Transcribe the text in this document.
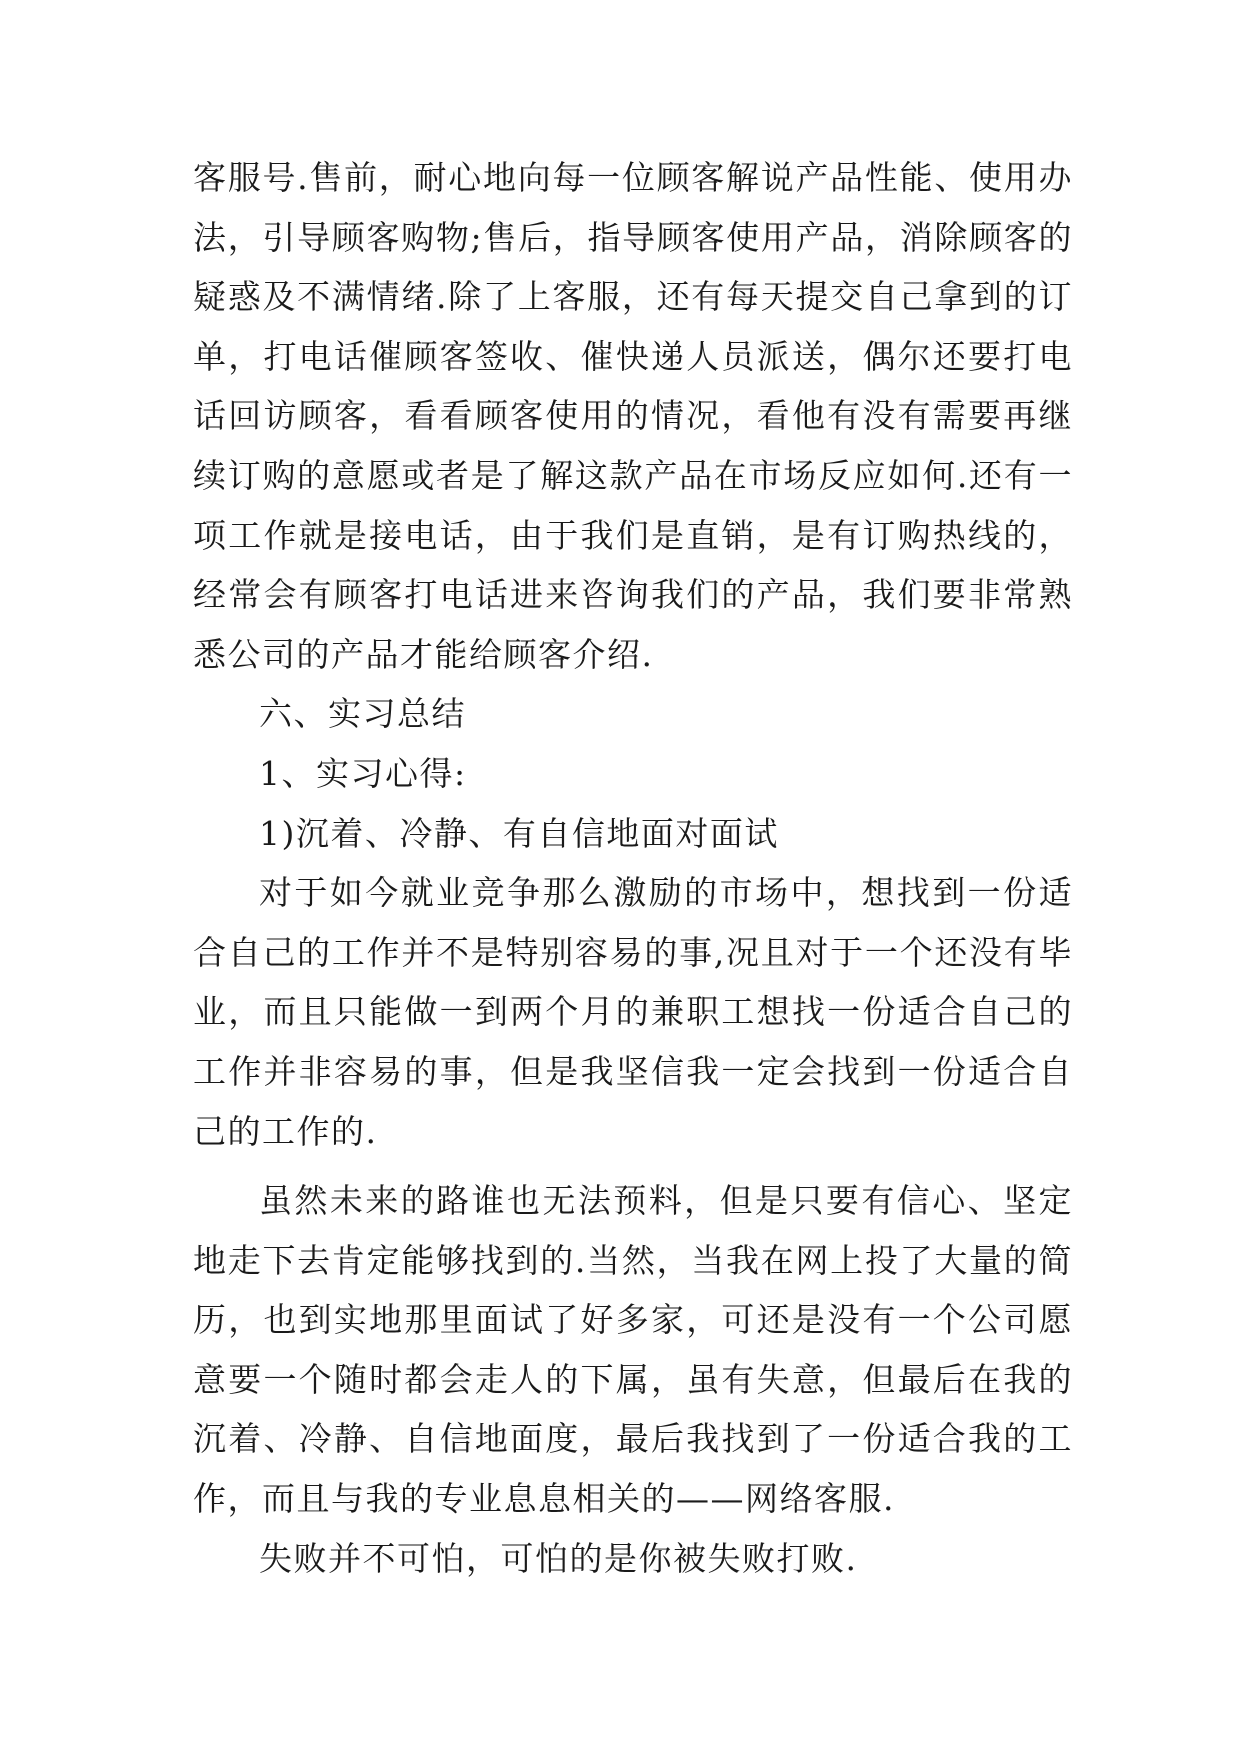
客服号.售前，耐心地向每一位顾客解说产品性能、使用办法，引导顾客购物;售后，指导顾客使用产品，消除顾客的疑惑及不满情绪.除了上客服，还有每天提交自己拿到的订单，打电话催顾客签收、催快递人员派送，偶尔还要打电话回访顾客，看看顾客使用的情况，看他有没有需要再继续订购的意愿或者是了解这款产品在市场反应如何.还有一项工作就是接电话，由于我们是直销，是有订购热线的，经常会有顾客打电话进来咨询我们的产品，我们要非常熟悉公司的产品才能给顾客介绍.

六、实习总结

1、实习心得:

1)沉着、冷静、有自信地面对面试

对于如今就业竞争那么激励的市场中，想找到一份适合自己的工作并不是特别容易的事,况且对于一个还没有毕业，而且只能做一到两个月的兼职工想找一份适合自己的工作并非容易的事，但是我坚信我一定会找到一份适合自己的工作的.

虽然未来的路谁也无法预料，但是只要有信心、坚定地走下去肯定能够找到的.当然，当我在网上投了大量的简历，也到实地那里面试了好多家，可还是没有一个公司愿意要一个随时都会走人的下属，虽有失意，但最后在我的沉着、冷静、自信地面度，最后我找到了一份适合我的工作，而且与我的专业息息相关的——网络客服.

失败并不可怕，可怕的是你被失败打败.
